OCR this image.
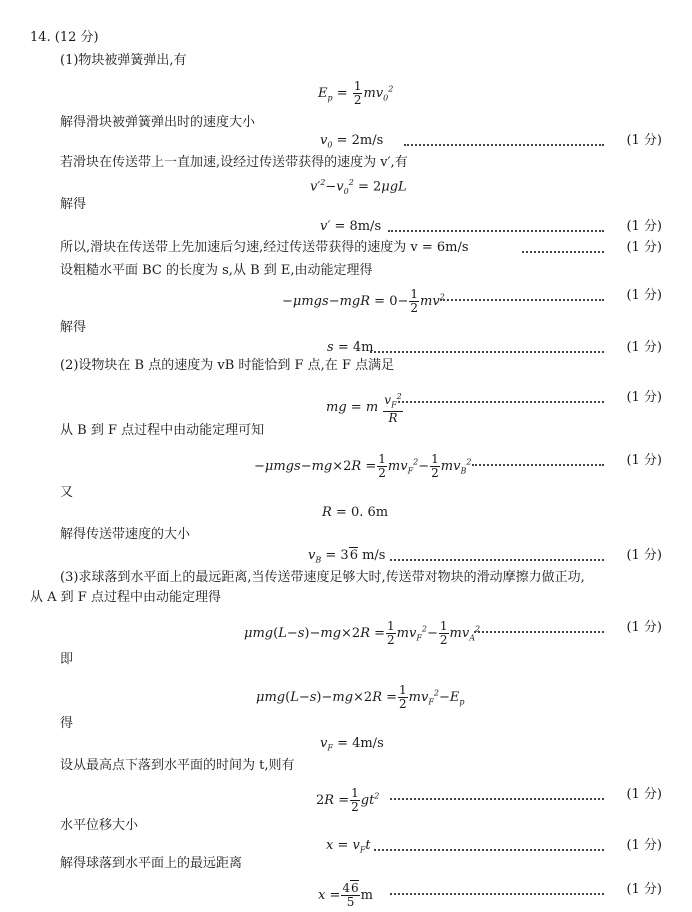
14. (12 分)
(1)物块被弹簧弹出,有
$E_p = \frac{1}{2} mv_0^2$
解得滑块被弹簧弹出时的速度大小
$v_0 = 2m/s$	(1 分)
若滑块在传送带上一直加速,设经过传送带获得的速度为 v′,有
$v'^2-v_0^2 = 2\mu gL$
解得
v′ = 8m/s	(1 分)
所以,滑块在传送带上先加速后匀速,经过传送带获得的速度为 v = 6m/s	(1 分)
设粗糙水平面 BC 的长度为 s,从 B 到 E,由动能定理得
$-\mu mgs-mgR = 0- \frac{1}{2} mv^2$	(1 分)
解得
s = 4m	(1 分)
(2)设物块在 B 点的速度为 vB 时能恰到 F 点,在 F 点满足
mg = m $\frac{v_F^2}{R}$	(1 分)
从 B 到 F 点过程中由动能定理可知
$-\mu mgs-mg\times 2R = \frac{1}{2} mv_F^2- \frac{1}{2} mv_B^2$	(1 分)
又
R = 0. 6m
解得传送带速度的大小
$v_B = 36$ m/s	(1 分)
(3)求球落到水平面上的最远距离,当传送带速度足够大时,传送带对物块的滑动摩擦力做正功,
从 A 到 F 点过程中由动能定理得
$\mu mg(L-s)-mg\times 2R = \frac{1}{2} mv_F^2- \frac{1}{2} mv_A^2$	(1 分)
即
$\mu mg(L-s)-mg\times 2R = \frac{1}{2} mv_F^2-E_p$
得
$v_F = 4m/s$
设从最高点下落到水平面的时间为 t,则有
$2R = \frac{1}{2} gt^2$	(1 分)
水平位移大小
$x = v_Ft$	(1 分)
解得球落到水平面上的最远距离
$x = \frac{46}{5}$ m	(1 分)
